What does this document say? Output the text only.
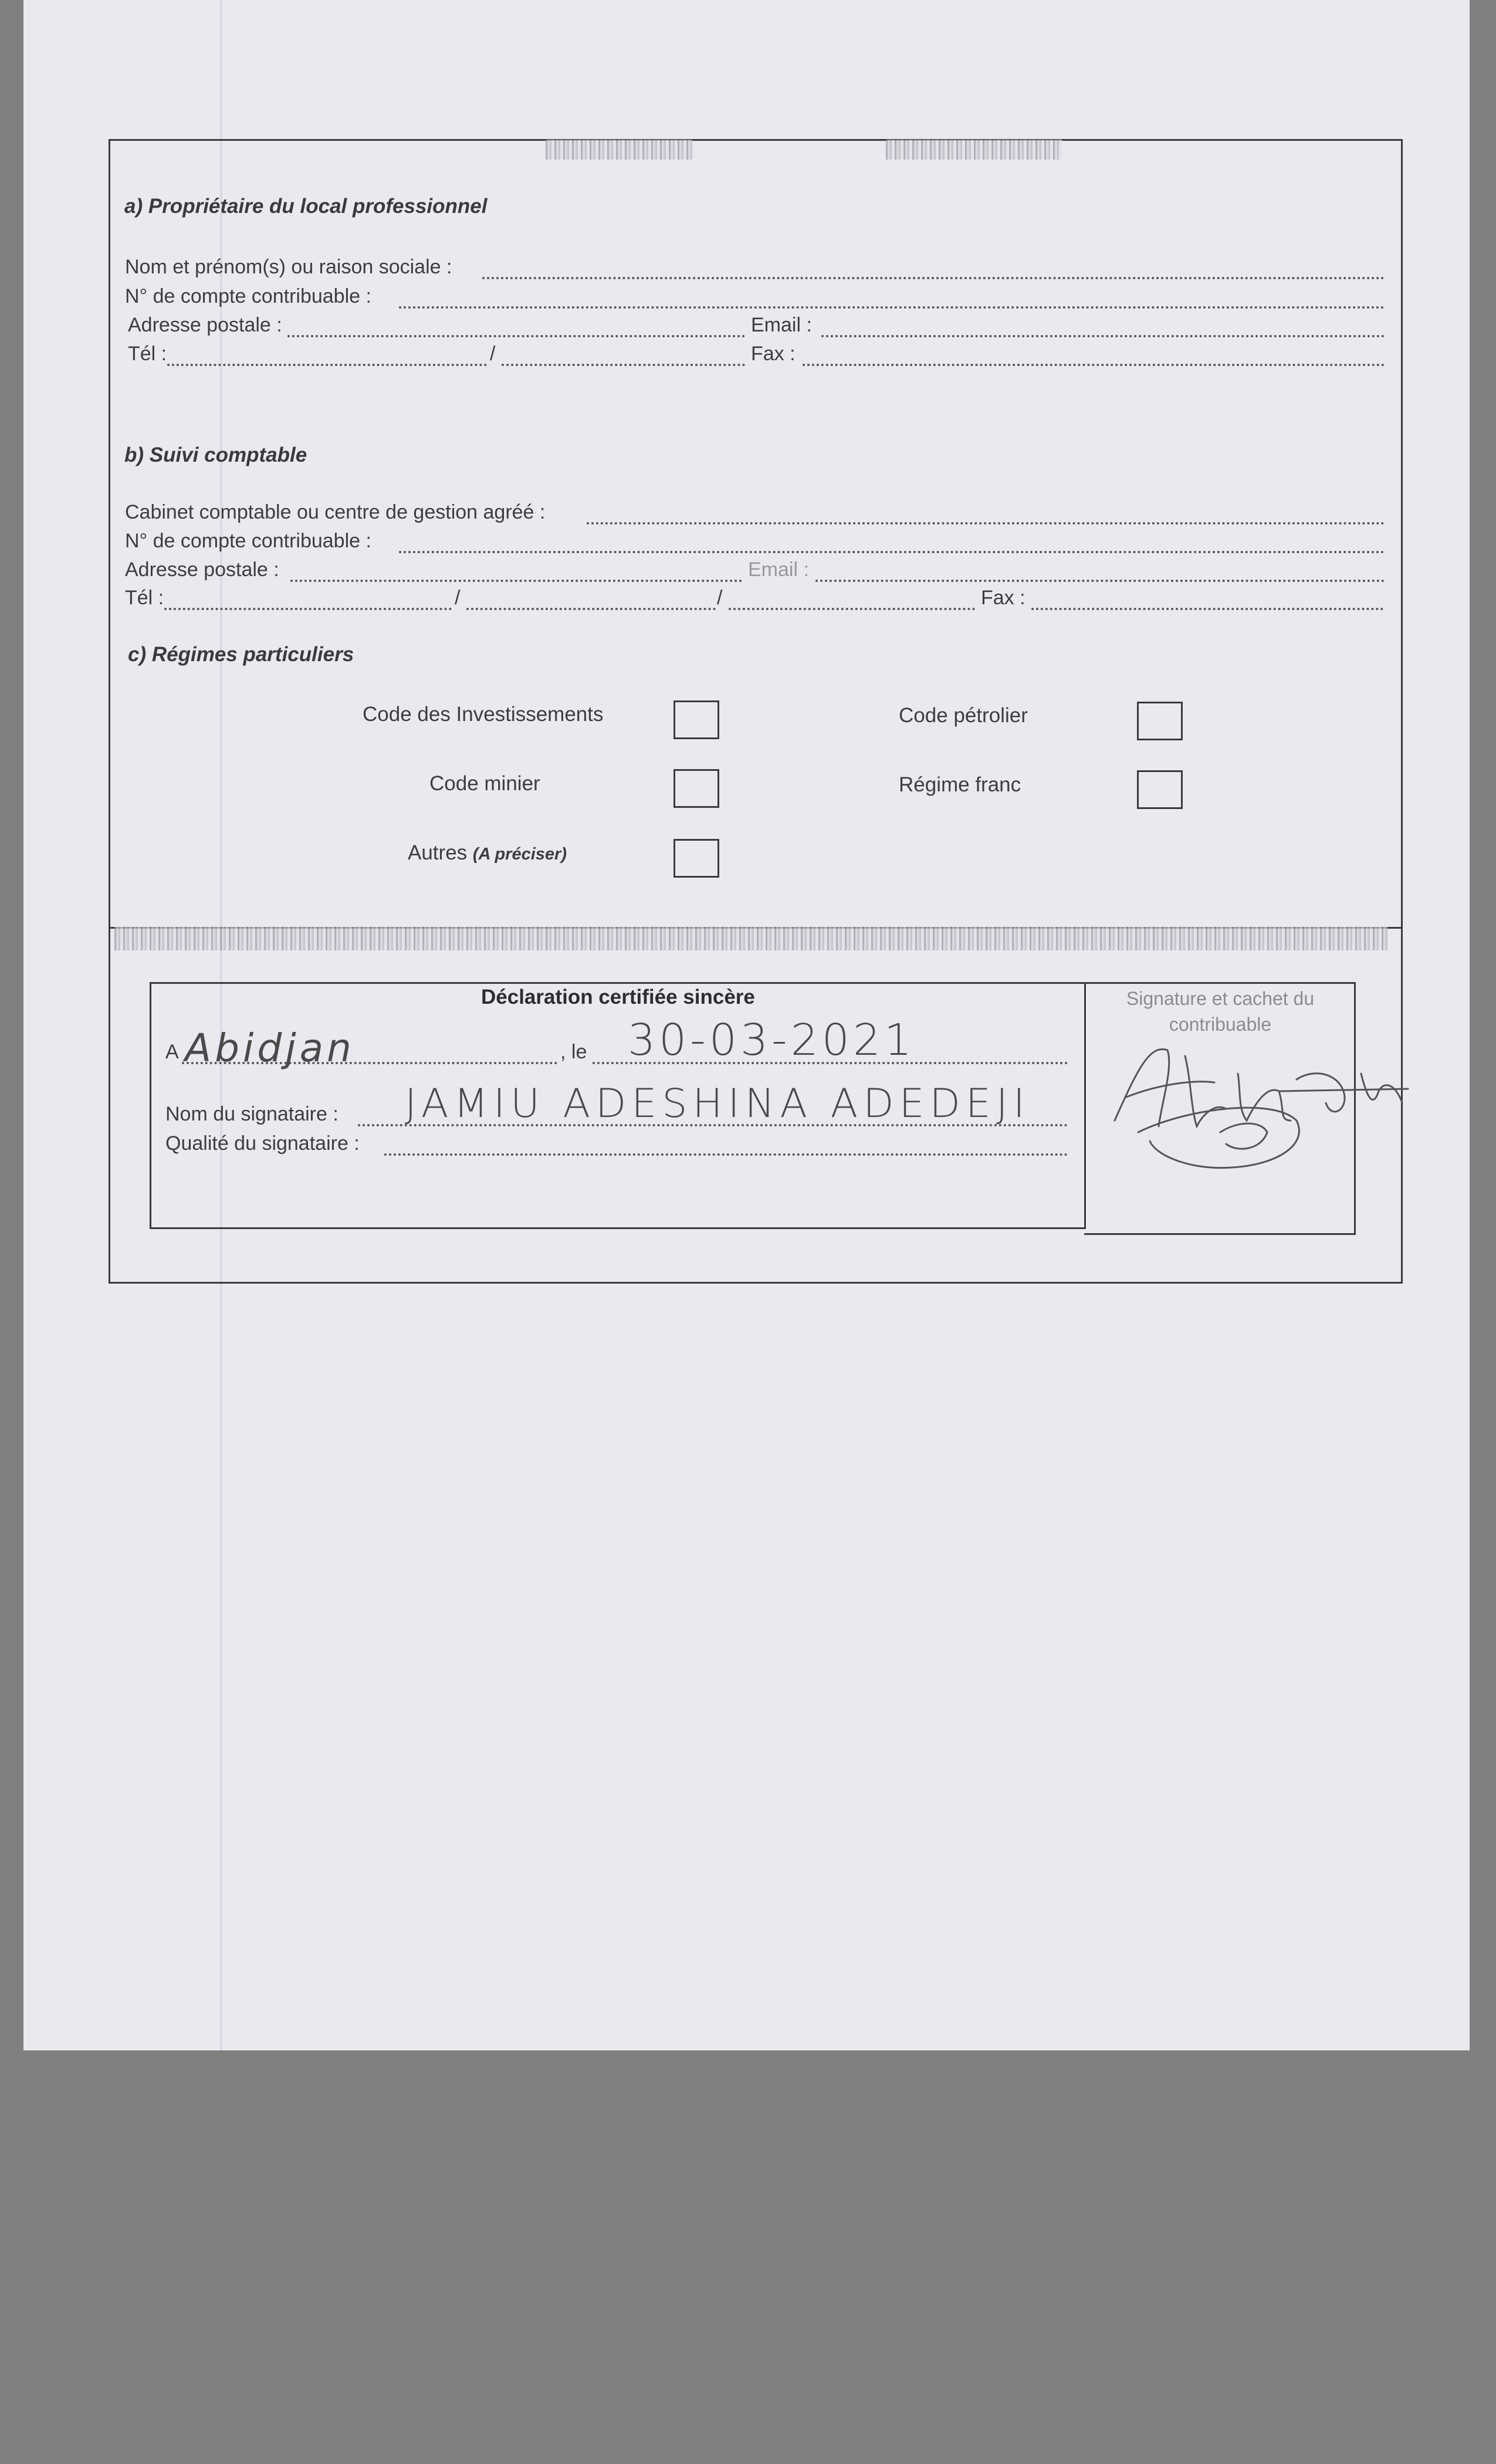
a) Propriétaire du local professionnel
Nom et prénom(s) ou raison sociale :
N° de compte contribuable :
Adresse postale :	Email :
Tél :	/	Fax :
b) Suivi comptable
Cabinet comptable ou centre de gestion agréé :
N° de compte contribuable :
Adresse postale :	Email :
Tél :	/	/	Fax :
c) Régimes particuliers
Code des Investissements	Code pétrolier
Code minier	Régime franc
Autres (A préciser)
Déclaration certifiée sincère
A Abidjan	, le 30-03-2021
Nom du signataire : JAMIU ADESHINA ADEDEJI
Qualité du signataire :
Signature et cachet du contribuable
